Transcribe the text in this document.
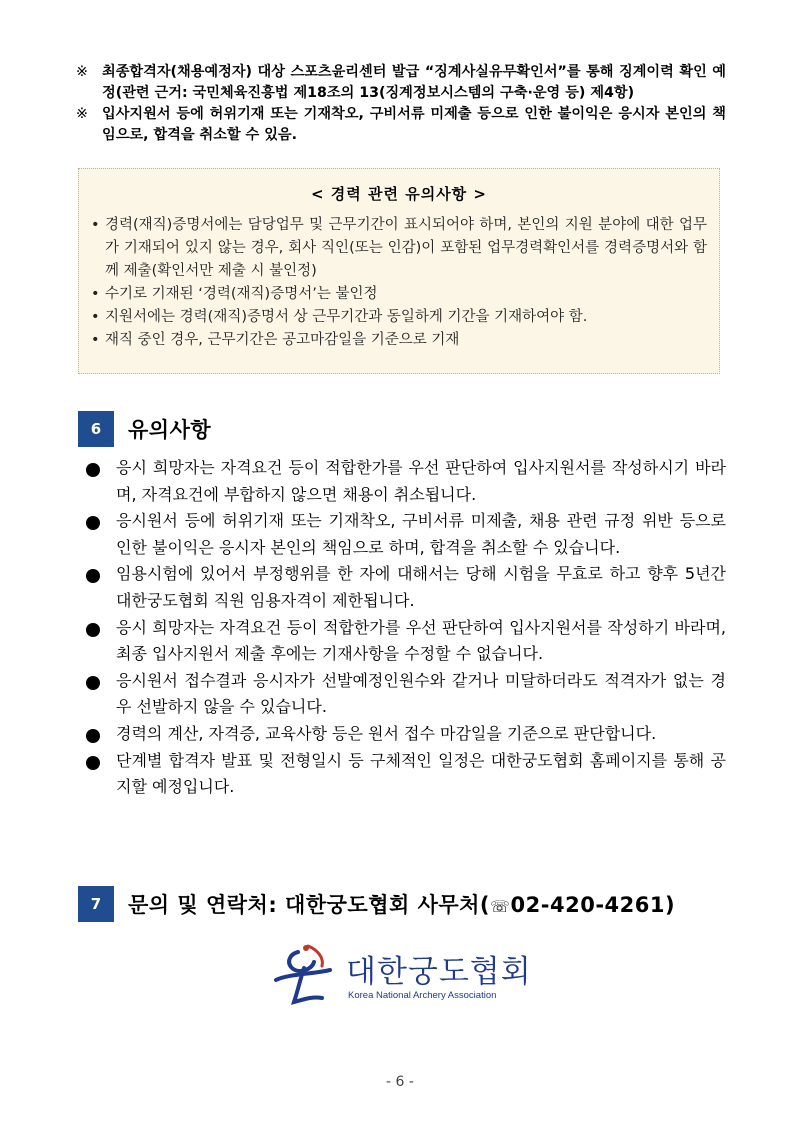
※ 최종합격자(채용예정자) 대상 스포츠윤리센터 발급 “징계사실유무확인서”를 통해 징계이력 확인 예정(관련 근거: 국민체육진흥법 제18조의 13(징계정보시스템의 구축·운영 등) 제4항)
※ 입사지원서 등에 허위기재 또는 기재착오, 구비서류 미제출 등으로 인한 불이익은 응시자 본인의 책임으로, 합격을 취소할 수 있음.
< 경력 관련 유의사항 >
• 경력(재직)증명서에는 담당업무 및 근무기간이 표시되어야 하며, 본인의 지원 분야에 대한 업무가 기재되어 있지 않는 경우, 회사 직인(또는 인감)이 포함된 업무경력확인서를 경력증명서와 함께 제출(확인서만 제출 시 불인정)
• 수기로 기재된 ‘경력(재직)증명서’는 불인정
• 지원서에는 경력(재직)증명서 상 근무기간과 동일하게 기간을 기재하여야 함.
• 재직 중인 경우, 근무기간은 공고마감일을 기준으로 기재
6	유의사항
응시 희망자는 자격요건 등이 적합한가를 우선 판단하여 입사지원서를 작성하시기 바라며, 자격요건에 부합하지 않으면 채용이 취소됩니다.
응시원서 등에 허위기재 또는 기재착오, 구비서류 미제출, 채용 관련 규정 위반 등으로 인한 불이익은 응시자 본인의 책임으로 하며, 합격을 취소할 수 있습니다.
임용시험에 있어서 부정행위를 한 자에 대해서는 당해 시험을 무효로 하고 향후 5년간 대한궁도협회 직원 임용자격이 제한됩니다.
응시 희망자는 자격요건 등이 적합한가를 우선 판단하여 입사지원서를 작성하기 바라며, 최종 입사지원서 제출 후에는 기재사항을 수정할 수 없습니다.
응시원서 접수결과 응시자가 선발예정인원수와 같거나 미달하더라도 적격자가 없는 경우 선발하지 않을 수 있습니다.
경력의 계산, 자격증, 교육사항 등은 원서 접수 마감일을 기준으로 판단합니다.
단계별 합격자 발표 및 전형일시 등 구체적인 일정은 대한궁도협회 홈페이지를 통해 공지할 예정입니다.
7	문의 및 연락처: 대한궁도협회 사무처(☏02-420-4261)
대한궁도협회
Korea National Archery Association
- 6 -
